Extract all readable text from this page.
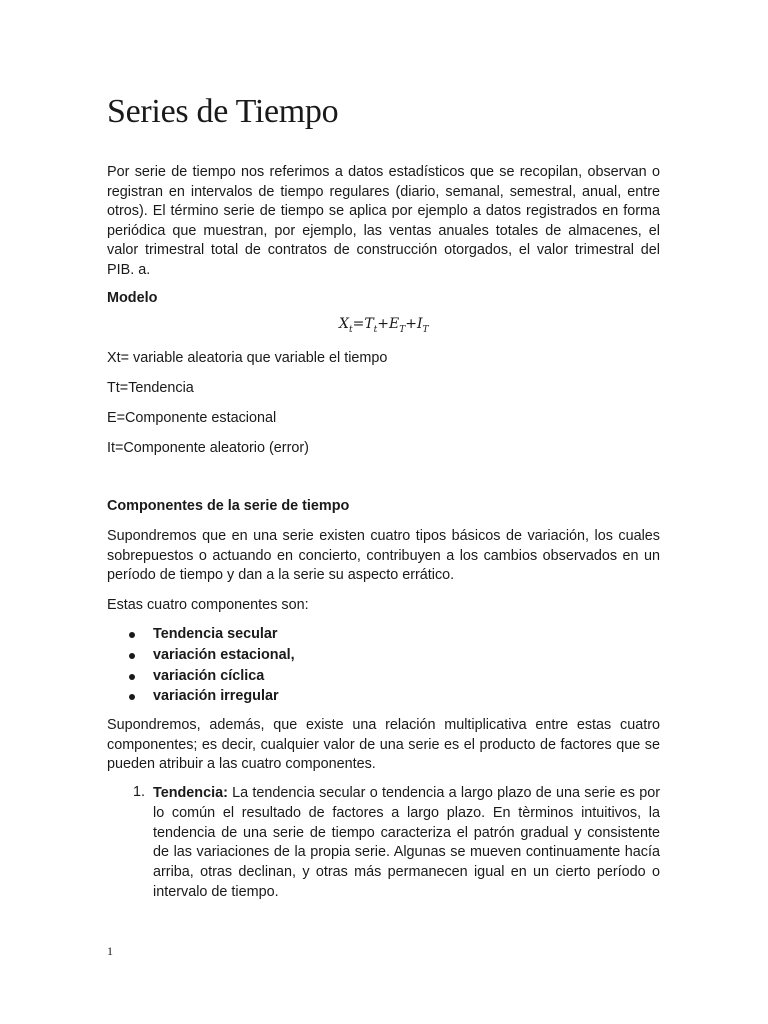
Series de Tiempo

Por serie de tiempo nos referimos a datos estadísticos que se recopilan, observan o registran en intervalos de tiempo regulares (diario, semanal, semestral, anual, entre otros). El término serie de tiempo se aplica por ejemplo a datos registrados en forma periódica que muestran, por ejemplo, las ventas anuales totales de almacenes, el valor trimestral total de contratos de construcción otorgados, el valor trimestral del PIB. a.

Modelo

$X_t=T_t+E_T+I_T$

Xt= variable aleatoria que variable el tiempo

Tt=Tendencia

E=Componente estacional

It=Componente aleatorio (error)

Componentes de la serie de tiempo

Supondremos que en una serie existen cuatro tipos básicos de variación, los cuales sobrepuestos o actuando en concierto, contribuyen a los cambios observados en un período de tiempo y dan a la serie su aspecto errático.

Estas cuatro componentes son:

Tendencia secular
variación estacional,
variación cíclica
variación irregular

Supondremos, además, que existe una relación multiplicativa entre estas cuatro componentes; es decir, cualquier valor de una serie es el producto de factores que se pueden atribuir a las cuatro componentes.

1. Tendencia: La tendencia secular o tendencia a largo plazo de una serie es por lo común el resultado de factores a largo plazo. En tèrminos intuitivos, la tendencia de una serie de tiempo caracteriza el patrón gradual y consistente de las variaciones de la propia serie. Algunas se mueven continuamente hacía arriba, otras declinan, y otras más permanecen igual en un cierto período o intervalo de tiempo.

1
